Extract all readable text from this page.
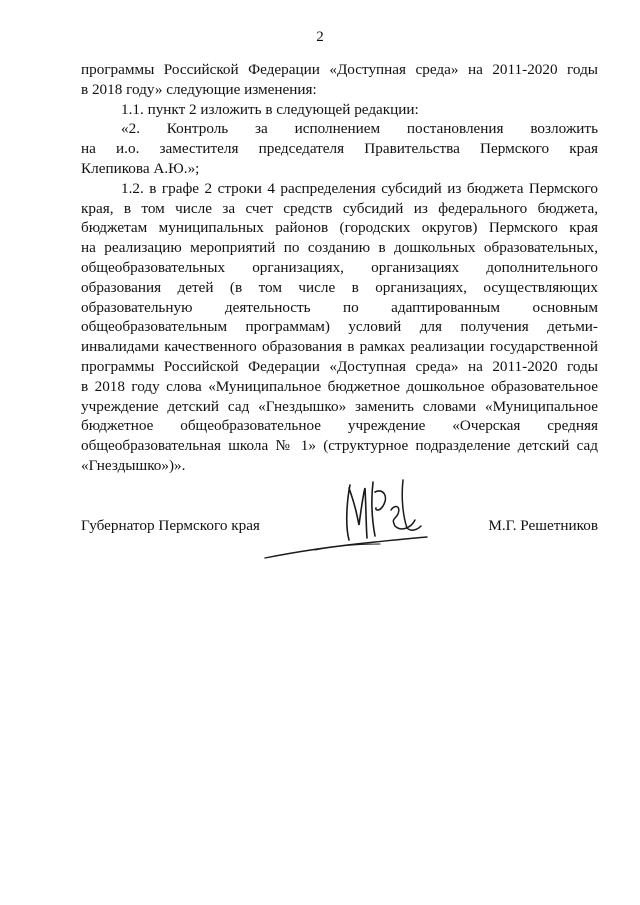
2
программы Российской Федерации «Доступная среда» на 2011-2020 годы
в 2018 году» следующие изменения:
1.1. пункт 2 изложить в следующей редакции:
«2. Контроль за исполнением постановления возложить
на и.о. заместителя председателя Правительства Пермского края
Клепикова А.Ю.»;
1.2. в графе 2 строки 4 распределения субсидий из бюджета Пермского
края, в том числе за счет средств субсидий из федерального бюджета,
бюджетам муниципальных районов (городских округов) Пермского края
на реализацию мероприятий по созданию в дошкольных образовательных,
общеобразовательных организациях, организациях дополнительного
образования детей (в том числе в организациях, осуществляющих
образовательную деятельность по адаптированным основным
общеобразовательным программам) условий для получения детьми-
инвалидами качественного образования в рамках реализации государственной
программы Российской Федерации «Доступная среда» на 2011-2020 годы
в 2018 году слова «Муниципальное бюджетное дошкольное образовательное
учреждение детский сад «Гнездышко» заменить словами «Муниципальное
бюджетное общеобразовательное учреждение «Очерская средняя
общеобразовательная школа № 1» (структурное подразделение детский сад
«Гнездышко»)».
Губернатор Пермского края	М.Г. Решетников
